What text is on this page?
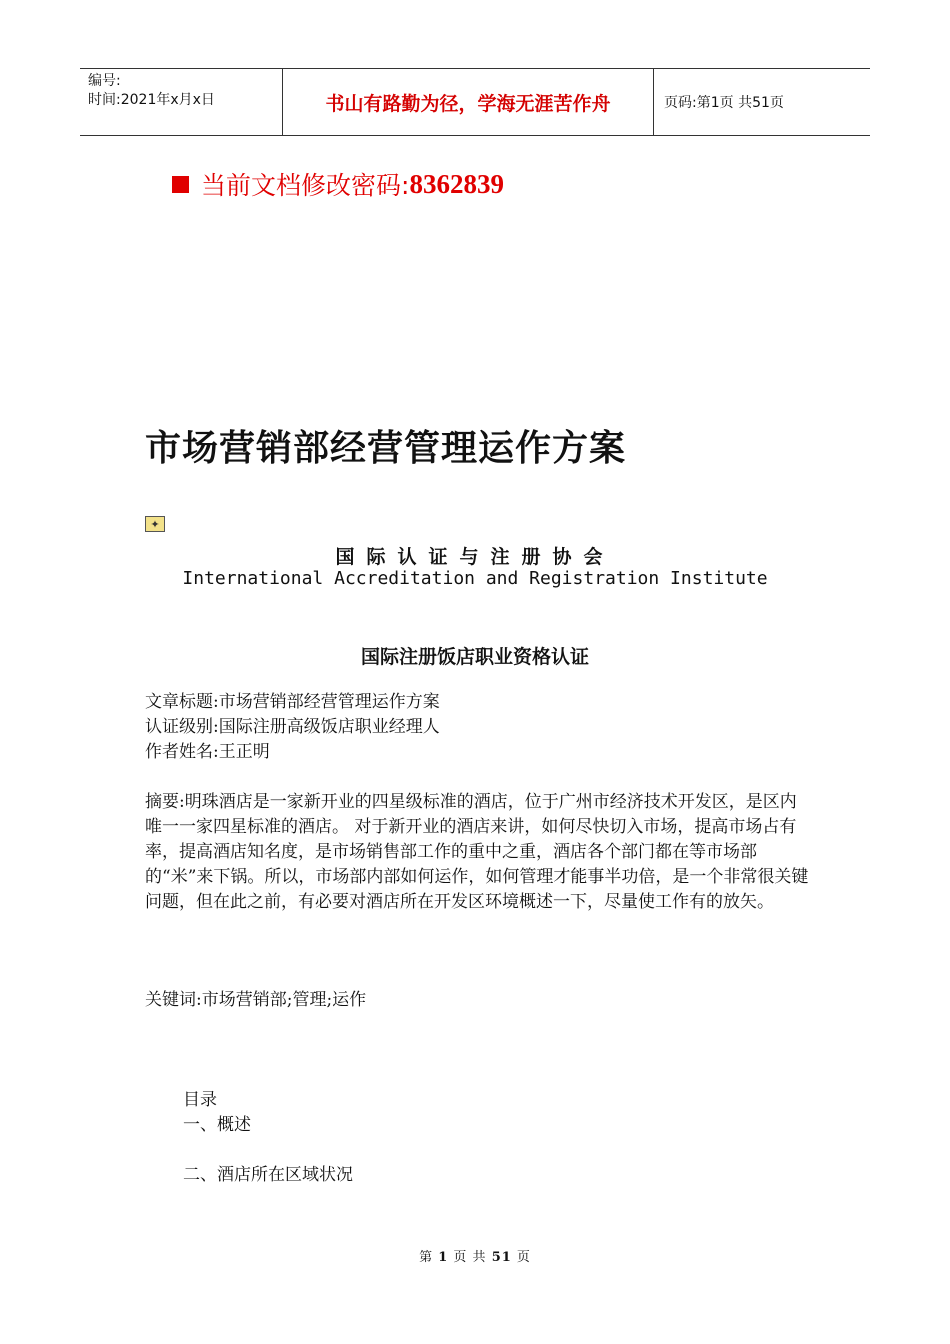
编号:
时间:2021年x月x日	书山有路勤为径，学海无涯苦作舟	页码:第1页 共51页
当前文档修改密码: 8362839
市场营销部经营管理运作方案
✦
国际认证与注册协会
International Accreditation and Registration Institute
国际注册饭店职业资格认证
文章标题:市场营销部经营管理运作方案
认证级别:国际注册高级饭店职业经理人
作者姓名:王正明
摘要:明珠酒店是一家新开业的四星级标准的酒店，位于广州市经济技术开发区，是区内唯一一家四星标准的酒店。 对于新开业的酒店来讲，如何尽快切入市场，提高市场占有率，提高酒店知名度，是市场销售部工作的重中之重，酒店各个部门都在等市场部的“米”来下锅。所以，市场部内部如何运作，如何管理才能事半功倍，是一个非常很关键问题，但在此之前，有必要对酒店所在开发区环境概述一下，尽量使工作有的放矢。
关键词:市场营销部;管理;运作
目录
一、概述
二、酒店所在区域状况
第 1 页 共 51 页
